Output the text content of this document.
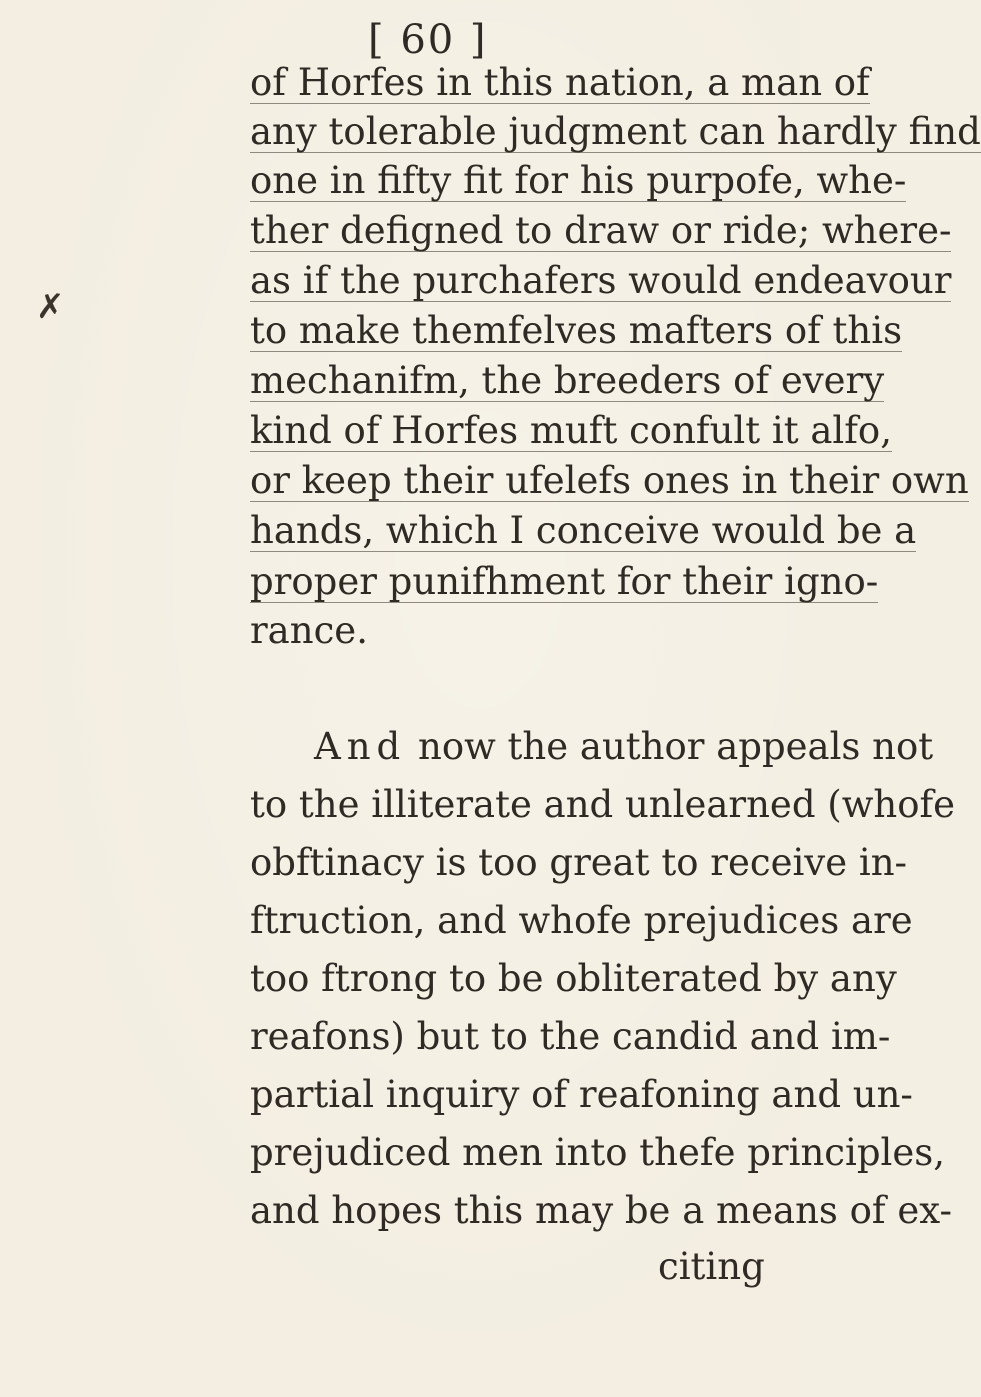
[ 60 ]
✗
of Horfes in this nation, a man of
any tolerable judgment can hardly find
one in fifty fit for his purpofe, whe-
ther defigned to draw or ride; where-
as if the purchafers would endeavour
to make themfelves mafters of this
mechanifm, the breeders of every
kind of Horfes muft confult it alfo,
or keep their ufelefs ones in their own
hands, which I conceive would be a
proper punifhment for their igno-
rance.
And now the author appeals not
to the illiterate and unlearned (whofe
obftinacy is too great to receive in-
ftruction, and whofe prejudices are
too ftrong to be obliterated by any
reafons) but to the candid and im-
partial inquiry of reafoning and un-
prejudiced men into thefe principles,
and hopes this may be a means of ex-
citing
